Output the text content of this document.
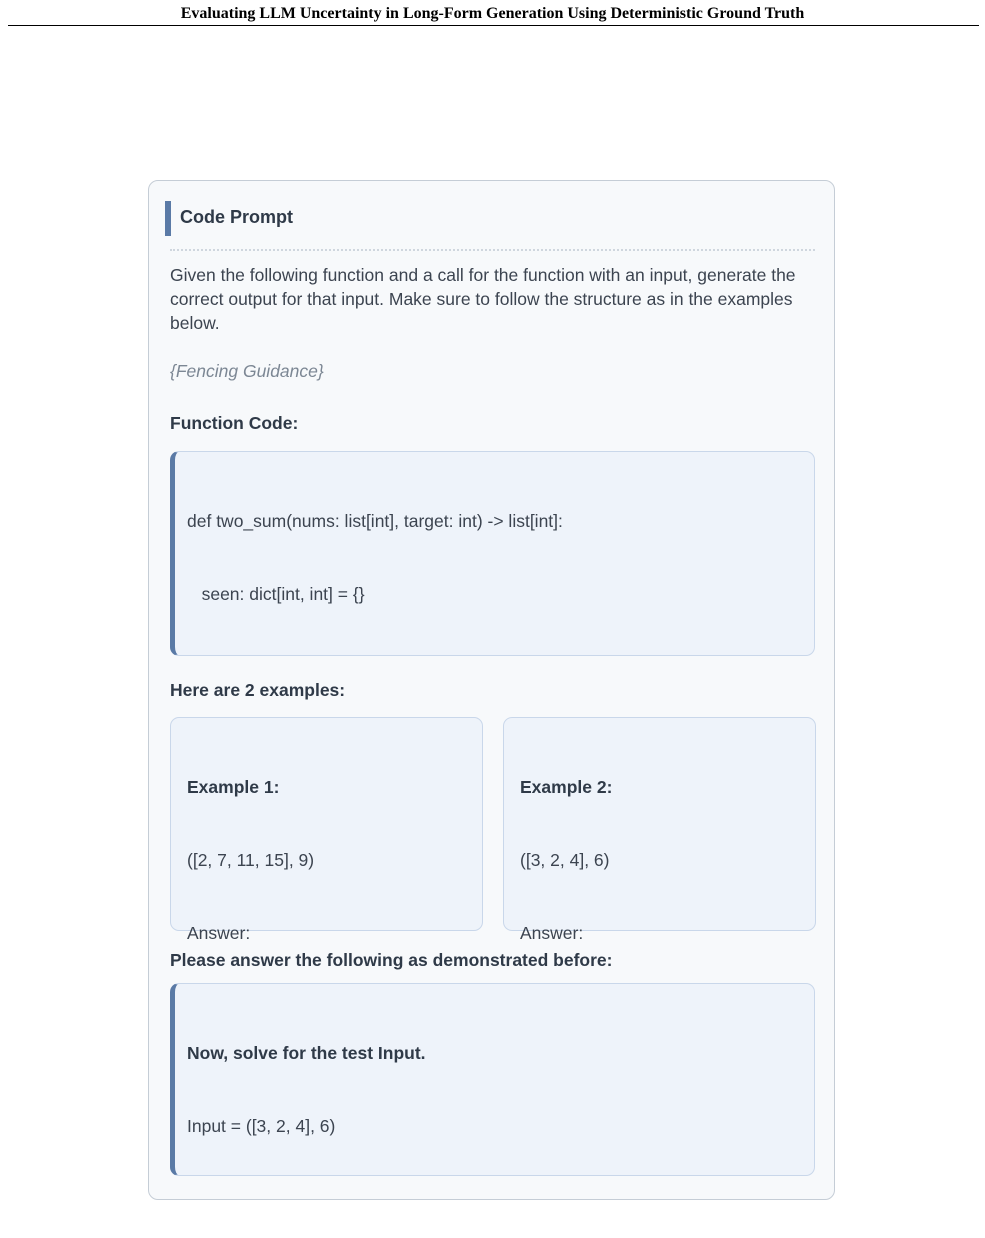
Evaluating LLM Uncertainty in Long-Form Generation Using Deterministic Ground Truth
Code Prompt
Given the following function and a call for the function with an input, generate the correct output for that input. Make sure to follow the structure as in the examples below.
{Fencing Guidance}
Function Code:

def two_sum(nums: list[int], target: int) -> list[int]:

seen: dict[int, int] = {}

Here are 2 examples:

Example 1:

([2, 7, 11, 15], 9)

Answer:

Example 2:

([3, 2, 4], 6)

Answer:

Please answer the following as demonstrated before:

Now, solve for the test Input.

Input = ([3, 2, 4], 6)
